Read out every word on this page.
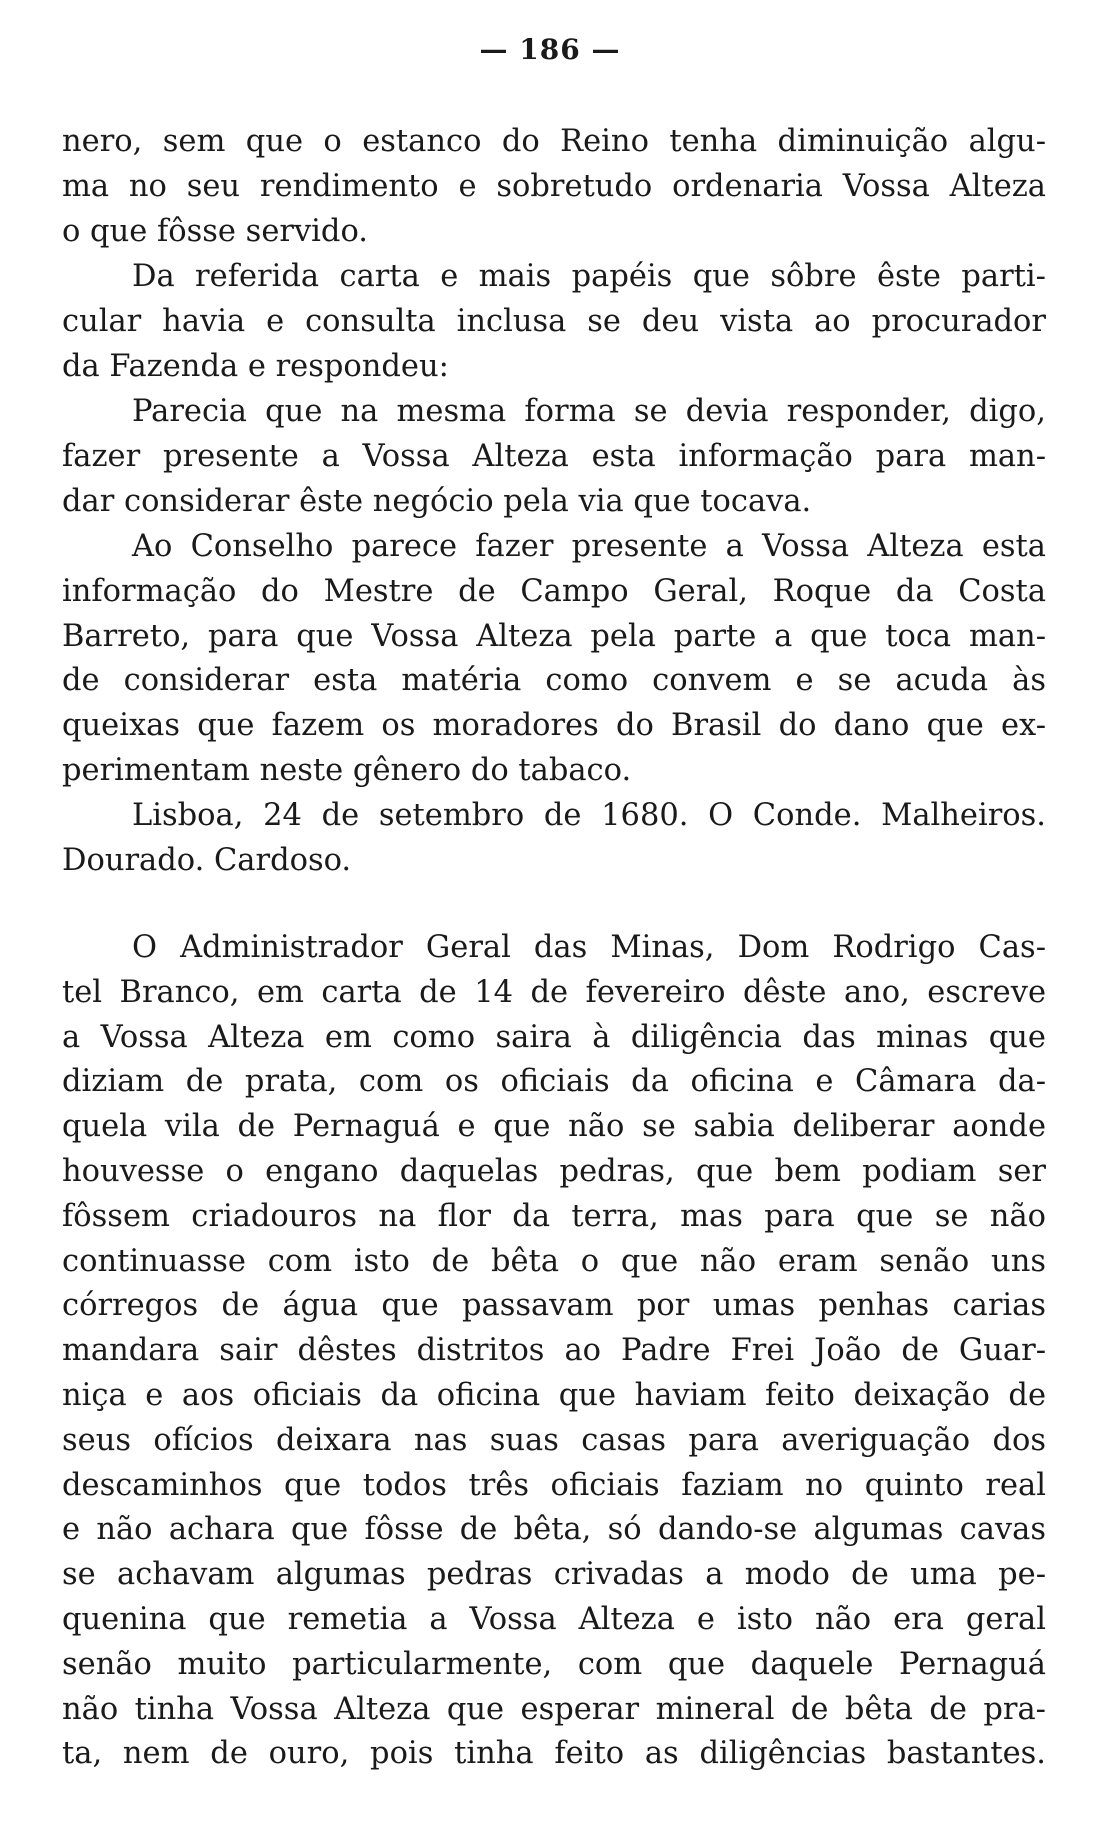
— 186 —
nero, sem que o estanco do Reino tenha diminuição algu-
ma no seu rendimento e sobretudo ordenaria Vossa Alteza
o que fôsse servido.
Da referida carta e mais papéis que sôbre êste parti-
cular havia e consulta inclusa se deu vista ao procurador
da Fazenda e respondeu:
Parecia que na mesma forma se devia responder, digo,
fazer presente a Vossa Alteza esta informação para man-
dar considerar êste negócio pela via que tocava.
Ao Conselho parece fazer presente a Vossa Alteza esta
informação do Mestre de Campo Geral, Roque da Costa
Barreto, para que Vossa Alteza pela parte a que toca man-
de considerar esta matéria como convem e se acuda às
queixas que fazem os moradores do Brasil do dano que ex-
perimentam neste gênero do tabaco.
Lisboa, 24 de setembro de 1680. O Conde. Malheiros.
Dourado. Cardoso.
O Administrador Geral das Minas, Dom Rodrigo Cas-
tel Branco, em carta de 14 de fevereiro dêste ano, escreve
a Vossa Alteza em como saira à diligência das minas que
diziam de prata, com os oficiais da oficina e Câmara da-
quela vila de Pernaguá e que não se sabia deliberar aonde
houvesse o engano daquelas pedras, que bem podiam ser
fôssem criadouros na flor da terra, mas para que se não
continuasse com isto de bêta o que não eram senão uns
córregos de água que passavam por umas penhas carias
mandara sair dêstes distritos ao Padre Frei João de Guar-
niça e aos oficiais da oficina que haviam feito deixação de
seus ofícios deixara nas suas casas para averiguação dos
descaminhos que todos três oficiais faziam no quinto real
e não achara que fôsse de bêta, só dando-se algumas cavas
se achavam algumas pedras crivadas a modo de uma pe-
quenina que remetia a Vossa Alteza e isto não era geral
senão muito particularmente, com que daquele Pernaguá
não tinha Vossa Alteza que esperar mineral de bêta de pra-
ta, nem de ouro, pois tinha feito as diligências bastantes.
